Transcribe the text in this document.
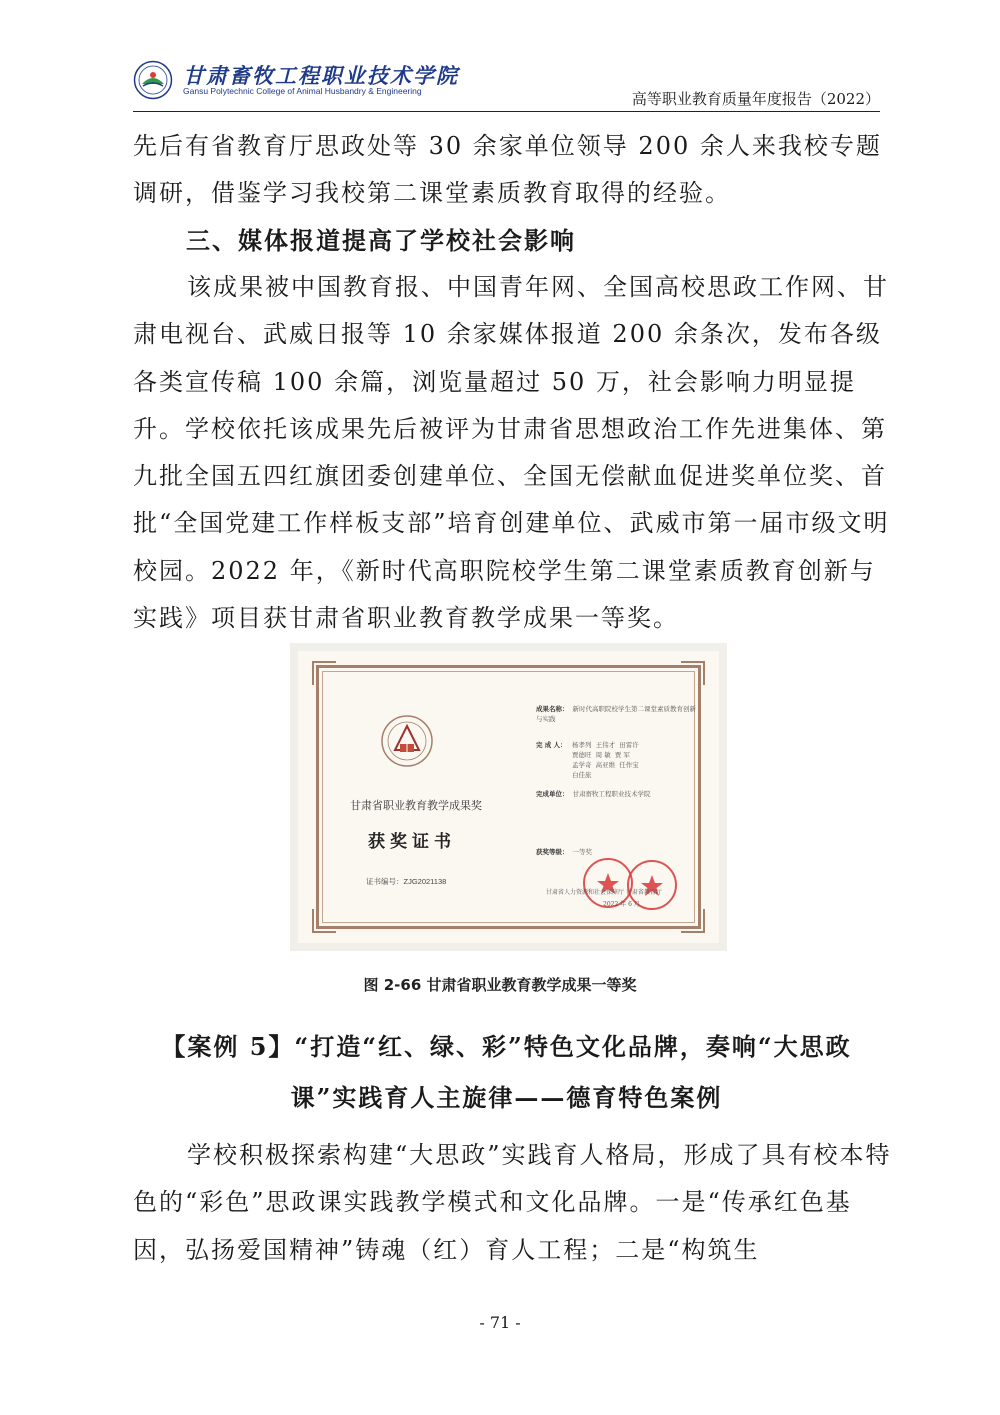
甘肃畜牧工程职业技术学院
Gansu Polytechnic College of Animal Husbandry & Engineering	高等职业教育质量年度报告（2022）
先后有省教育厅思政处等 30 余家单位领导 200 余人来我校专题调研，借鉴学习我校第二课堂素质教育取得的经验。
三、媒体报道提高了学校社会影响
该成果被中国教育报、中国青年网、全国高校思政工作网、甘肃电视台、武威日报等 10 余家媒体报道 200 余条次，发布各级各类宣传稿 100 余篇，浏览量超过 50 万，社会影响力明显提升。学校依托该成果先后被评为甘肃省思想政治工作先进集体、第九批全国五四红旗团委创建单位、全国无偿献血促进奖单位奖、首批“全国党建工作样板支部”培育创建单位、武威市第一届市级文明校园。2022 年，《新时代高职院校学生第二课堂素质教育创新与实践》项目获甘肃省职业教育教学成果一等奖。
甘肃省职业教育教学成果奖
获奖证书
证书编号：ZJG2021138
成果名称： 新时代高职院校学生第二课堂素质教育创新与实践
完 成 人： 杨孝列 王伟才 田雷许
贾德旺 周 敏 贾 军
孟学奇 高亚维 任作宝
白佳旅
完成单位： 甘肃畜牧工程职业技术学院
获奖等级： 一等奖
甘肃省人力资源和社会保障厅 甘肃省教育厅
2022 年 6 月
图 2-66 甘肃省职业教育教学成果一等奖
【案例 5】“打造“红、绿、彩”特色文化品牌，奏响“大思政课”实践育人主旋律——德育特色案例
学校积极探索构建“大思政”实践育人格局，形成了具有校本特色的“彩色”思政课实践教学模式和文化品牌。一是“传承红色基因，弘扬爱国精神”铸魂（红）育人工程；二是“构筑生
- 71 -
